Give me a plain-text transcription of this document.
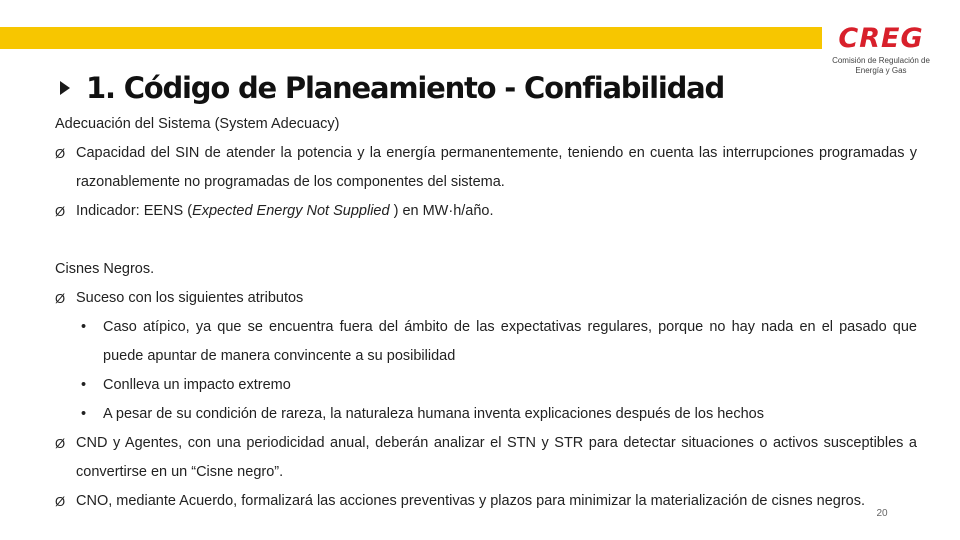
CREG
Comisión de Regulación de Energía y Gas
1. Código de Planeamiento - Confiabilidad

Adecuación del Sistema (System Adecuacy)

Ø Capacidad del SIN de atender la potencia y la energía permanentemente, teniendo en cuenta las interrupciones programadas y razonablemente no programadas de los componentes del sistema.

Ø Indicador: EENS (Expected Energy Not Supplied ) en MW·h/año.

Cisnes Negros.

Ø Suceso con los siguientes atributos

• Caso atípico, ya que se encuentra fuera del ámbito de las expectativas regulares, porque no hay nada en el pasado que puede apuntar de manera convincente a su posibilidad

• Conlleva un impacto extremo

• A pesar de su condición de rareza, la naturaleza humana inventa explicaciones después de los hechos

Ø CND y Agentes, con una periodicidad anual, deberán analizar el STN y STR para detectar situaciones o activos susceptibles a convertirse en un “Cisne negro”.

Ø CNO, mediante Acuerdo, formalizará las acciones preventivas y plazos para minimizar la materialización de cisnes negros.

20
